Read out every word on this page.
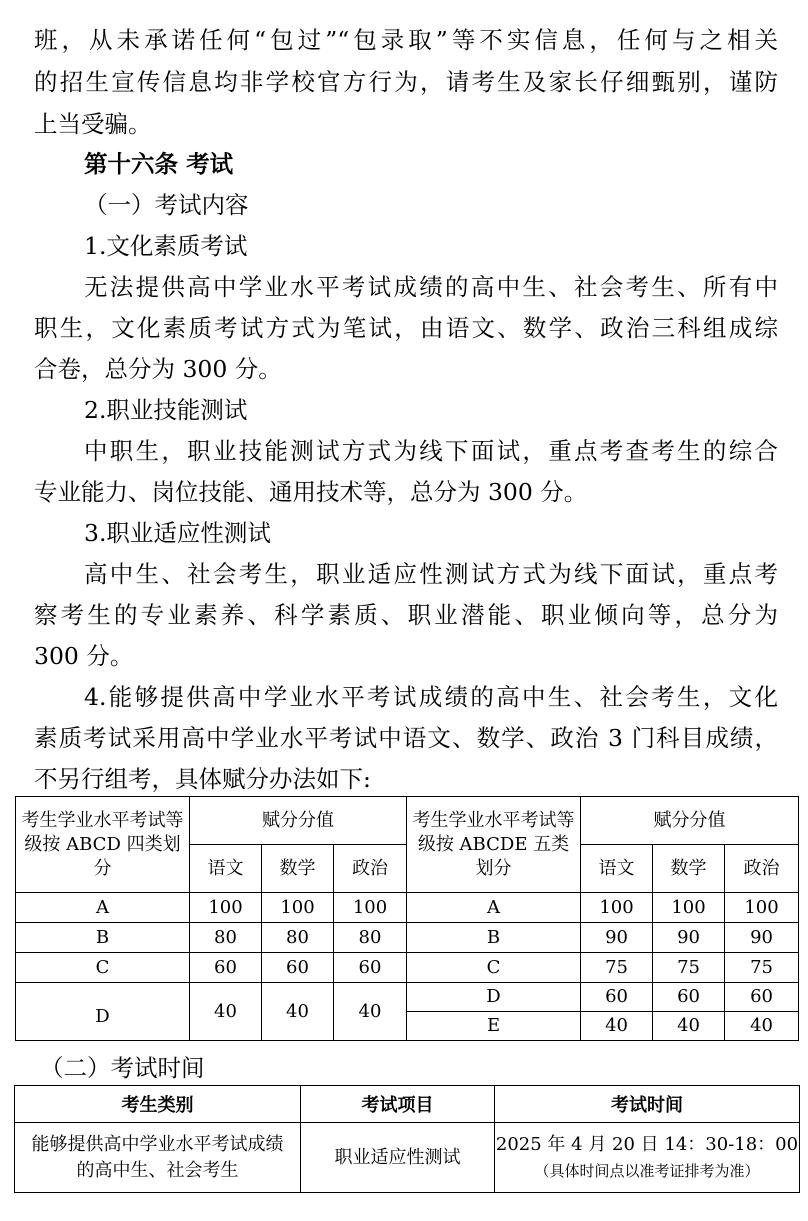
班，从未承诺任何“包过”“包录取”等不实信息，任何与之相关
的招生宣传信息均非学校官方行为，请考生及家长仔细甄别，谨防
上当受骗。
第十六条 考试
（一）考试内容
1.文化素质考试
无法提供高中学业水平考试成绩的高中生、社会考生、所有中
职生，文化素质考试方式为笔试，由语文、数学、政治三科组成综
合卷，总分为 300 分。
2.职业技能测试
中职生，职业技能测试方式为线下面试，重点考查考生的综合
专业能力、岗位技能、通用技术等，总分为 300 分。
3.职业适应性测试
高中生、社会考生，职业适应性测试方式为线下面试，重点考
察考生的专业素养、科学素质、职业潜能、职业倾向等，总分为
300 分。
4.能够提供高中学业水平考试成绩的高中生、社会考生，文化
素质考试采用高中学业水平考试中语文、数学、政治 3 门科目成绩，
不另行组考，具体赋分办法如下:
考生学业水平考试等级按 ABCD 四类划分	赋分分值			考生学业水平考试等级按 ABCDE 五类划分	赋分分值		
	语文	数学	政治		语文	数学	政治
A	100	100	100	A	100	100	100
B	80	80	80	B	90	90	90
C	60	60	60	C	75	75	75
D	40	40	40	D	60	60	60
				E	40	40	40
（二）考试时间
考生类别	考试项目	考试时间
能够提供高中学业水平考试成绩的高中生、社会考生	职业适应性测试	2025 年 4 月 20 日 14：30-18：00
（具体时间点以准考证排考为准）
